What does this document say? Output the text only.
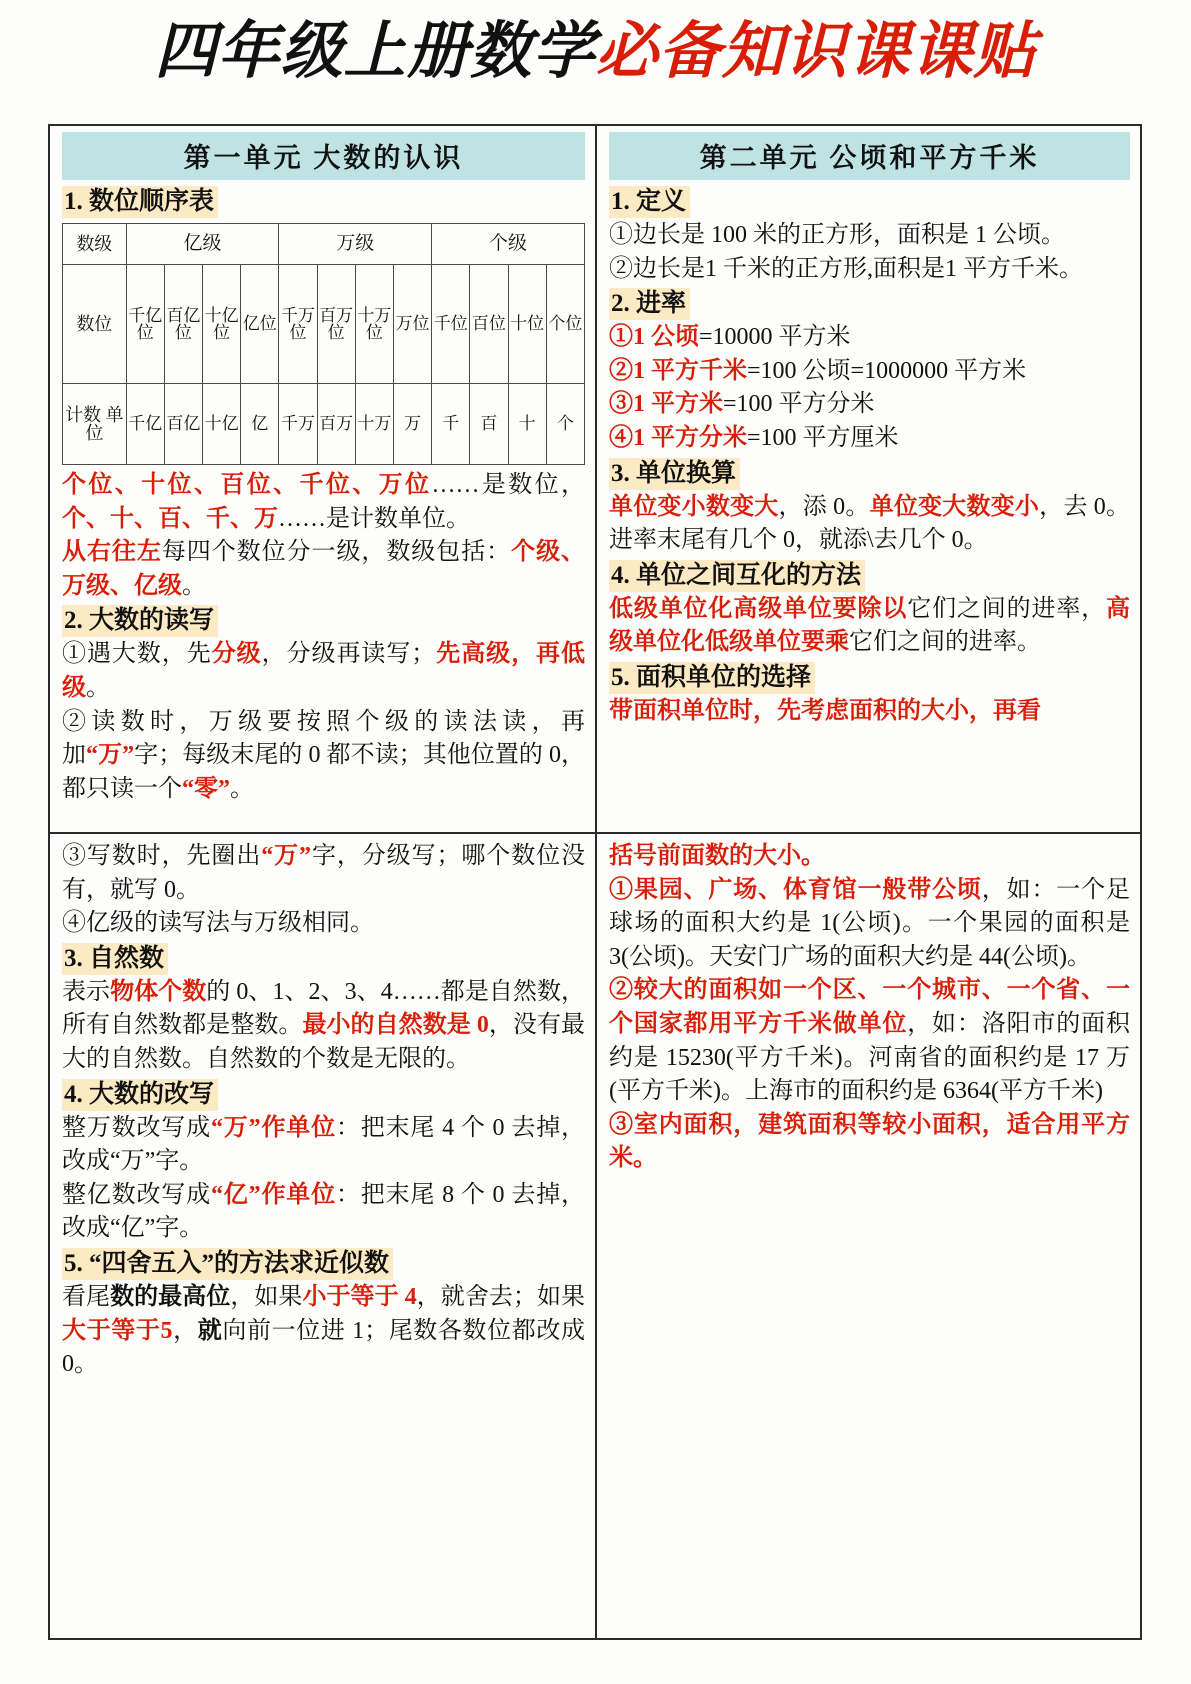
四年级上册数学必备知识课课贴
第一单元 大数的认识
1. 数位顺序表
数级	亿级				万级				个级			
数位	千亿位	百亿位	十亿位	亿位	千万位	百万位	十万位	万位	千位	百位	十位	个位
计数 单位	千亿	百亿	十亿	亿	千万	百万	十万	万	千	百	十	个

个位、十位、百位、千位、万位……是数位，个、十、百、千、万……是计数单位。

从右往左每四个数位分一级，数级包括：个级、万级、亿级。

2. 大数的读写

①遇大数，先分级，分级再读写；先高级，再低级。

②读数时，万级要按照个级的读法读，再加“万”字；每级末尾的 0 都不读；其他位置的 0，都只读一个“零”。

第二单元 公顷和平方千米
1. 定义

①边长是 100 米的正方形，面积是 1 公顷。

②边长是1 千米的正方形,面积是1 平方千米。

2. 进率

①1 公顷=10000 平方米

②1 平方千米=100 公顷=1000000 平方米

③1 平方米=100 平方分米

④1 平方分米=100 平方厘米

3. 单位换算

单位变小数变大，添 0。单位变大数变小，去 0。进率末尾有几个 0，就添\去几个 0。

4. 单位之间互化的方法

低级单位化高级单位要除以它们之间的进率，高级单位化低级单位要乘它们之间的进率。

5. 面积单位的选择

带面积单位时，先考虑面积的大小，再看

③写数时，先圈出“万”字，分级写；哪个数位没有，就写 0。

④亿级的读写法与万级相同。

3. 自然数

表示物体个数的 0、1、2、3、4……都是自然数，所有自然数都是整数。最小的自然数是 0，没有最大的自然数。自然数的个数是无限的。

4. 大数的改写

整万数改写成“万”作单位：把末尾 4 个 0 去掉，改成“万”字。

整亿数改写成“亿”作单位：把末尾 8 个 0 去掉，改成“亿”字。

5. “四舍五入”的方法求近似数

看尾数的最高位，如果小于等于 4，就舍去；如果大于等于5，就向前一位进 1；尾数各数位都改成 0。

括号前面数的大小。

①果园、广场、体育馆一般带公顷，如：一个足球场的面积大约是 1(公顷)。一个果园的面积是 3(公顷)。天安门广场的面积大约是 44(公顷)。

②较大的面积如一个区、一个城市、一个省、一个国家都用平方千米做单位，如：洛阳市的面积约是 15230(平方千米)。河南省的面积约是 17 万 (平方千米)。上海市的面积约是 6364(平方千米)

③室内面积，建筑面积等较小面积，适合用平方米。
